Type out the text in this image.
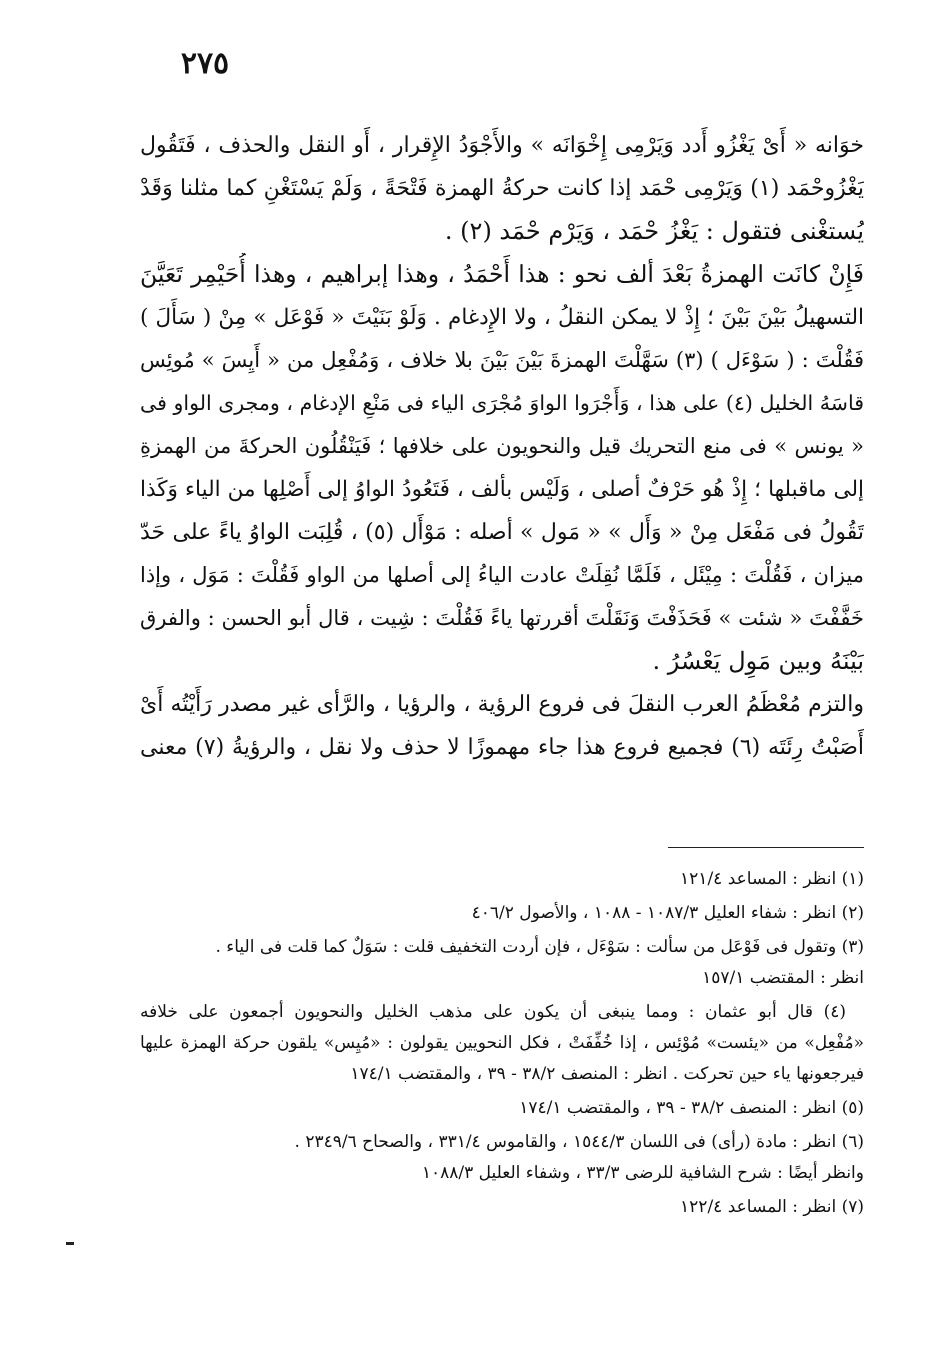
٢٧٥
خوَانه « أَىْ يَغْزُو أَدد وَيَرْمِى إِخْوَانَه » والأَجْوَدُ الإِقرار ، أَو النقل والحذف ، فَتَقُول
يَغْزُوحْمَد (١) وَيَرْمِى حْمَد إذا كانت حركةُ الهمزة فَتْحَةً ، وَلَمْ يَسْتَغْنِ كما مثلنا وَقَدْ
يُستغْنى فتقول : يَغْزُ حْمَد ، وَيَرْم حْمَد (٢) .
فَإِنْ كانَت الهمزةُ بَعْدَ ألف نحو : هذا أَحْمَدُ ، وهذا إبراهيم ، وهذا أُحَيْمِر تَعَيَّنَ
التسهيلُ بَيْنَ بَيْنَ ؛ إِذْ لا يمكن النقلُ ، ولا الإِدغام . وَلَوْ بَنَيْتَ « فَوْعَل » مِنْ ( سَأَلَ )
فَقُلْتَ : ( سَوْءَل ) (٣) سَهَّلْتَ الهمزةَ بَيْنَ بَيْنَ بلا خلاف ، وَمُفْعِل من « أَيِسَ » مُوئِس
قاسَهُ الخليل (٤) على هذا ، وَأَجْرَوا الواوَ مُجْرَى الياء فى مَنْعِ الإدغام ، ومجرى الواو فى
« يونس » فى منع التحريك قيل والنحويون على خلافها ؛ فَيَنْقُلُون الحركةَ من الهمزةِ
إلى ماقبلها ؛ إِذْ هُو حَرْفٌ أصلى ، وَلَيْس بألف ، فَتَعُودُ الواوُ إلى أَصْلِها من الياء وَكَذا
تَقُولُ فى مَفْعَل مِنْ « وَأَل » « مَول » أصله : مَوْأَل (٥) ، قُلِبَت الواوُ ياءً على حَدّ
ميزان ، فَقُلْتَ : مِيْئَل ، فَلَمَّا نُقِلَتْ عادت الياءُ إلى أصلها من الواو فَقُلْتَ : مَوَل ، وإذا
خَفَّفْتَ « شئت » فَحَذَفْتَ وَنَقَلْتَ أقررتها ياءً فَقُلْتَ : شِيت ، قال أبو الحسن : والفرق
بَيْنَهُ وبين مَوِل يَعْسُرُ .
والتزم مُعْظَمُ العرب النقلَ فى فروع الرؤية ، والرؤيا ، والرَّأى غير مصدر رَأَيْتُه أَىْ
أَصَبْتُ رِئَتَه (٦) فجميع فروع هذا جاء مهموزًا لا حذف ولا نقل ، والرؤيةُ (٧) معنى
(١) انظر : المساعد ١٢١/٤
(٢) انظر : شفاء العليل ١٠٨٧/٣ - ١٠٨٨ ، والأصول ٤٠٦/٢
(٣) وتقول فى فَوْعَل من سألت : سَوْءَل ، فإن أردت التخفيف قلت : سَوَلٌ كما قلت فى الياء .
انظر : المقتضب ١٥٧/١
(٤) قال أبو عثمان : ومما ينبغى أن يكون على مذهب الخليل والنحويون أجمعون على خلافه
«مُفْعِل» من «يئست» مُوْئِس ، إذا خُفِّفَتْ ، فكل النحويين يقولون : «مُيِس» يلقون حركة الهمزة عليها
فيرجعونها ياء حين تحركت . انظر : المنصف ٣٨/٢ - ٣٩ ، والمقتضب ١٧٤/١
(٥) انظر : المنصف ٣٨/٢ - ٣٩ ، والمقتضب ١٧٤/١
(٦) انظر : مادة (رأى) فى اللسان ١٥٤٤/٣ ، والقاموس ٣٣١/٤ ، والصحاح ٢٣٤٩/٦ .
وانظر أيضًا : شرح الشافية للرضى ٣٣/٣ ، وشفاء العليل ١٠٨٨/٣
(٧) انظر : المساعد ١٢٢/٤
